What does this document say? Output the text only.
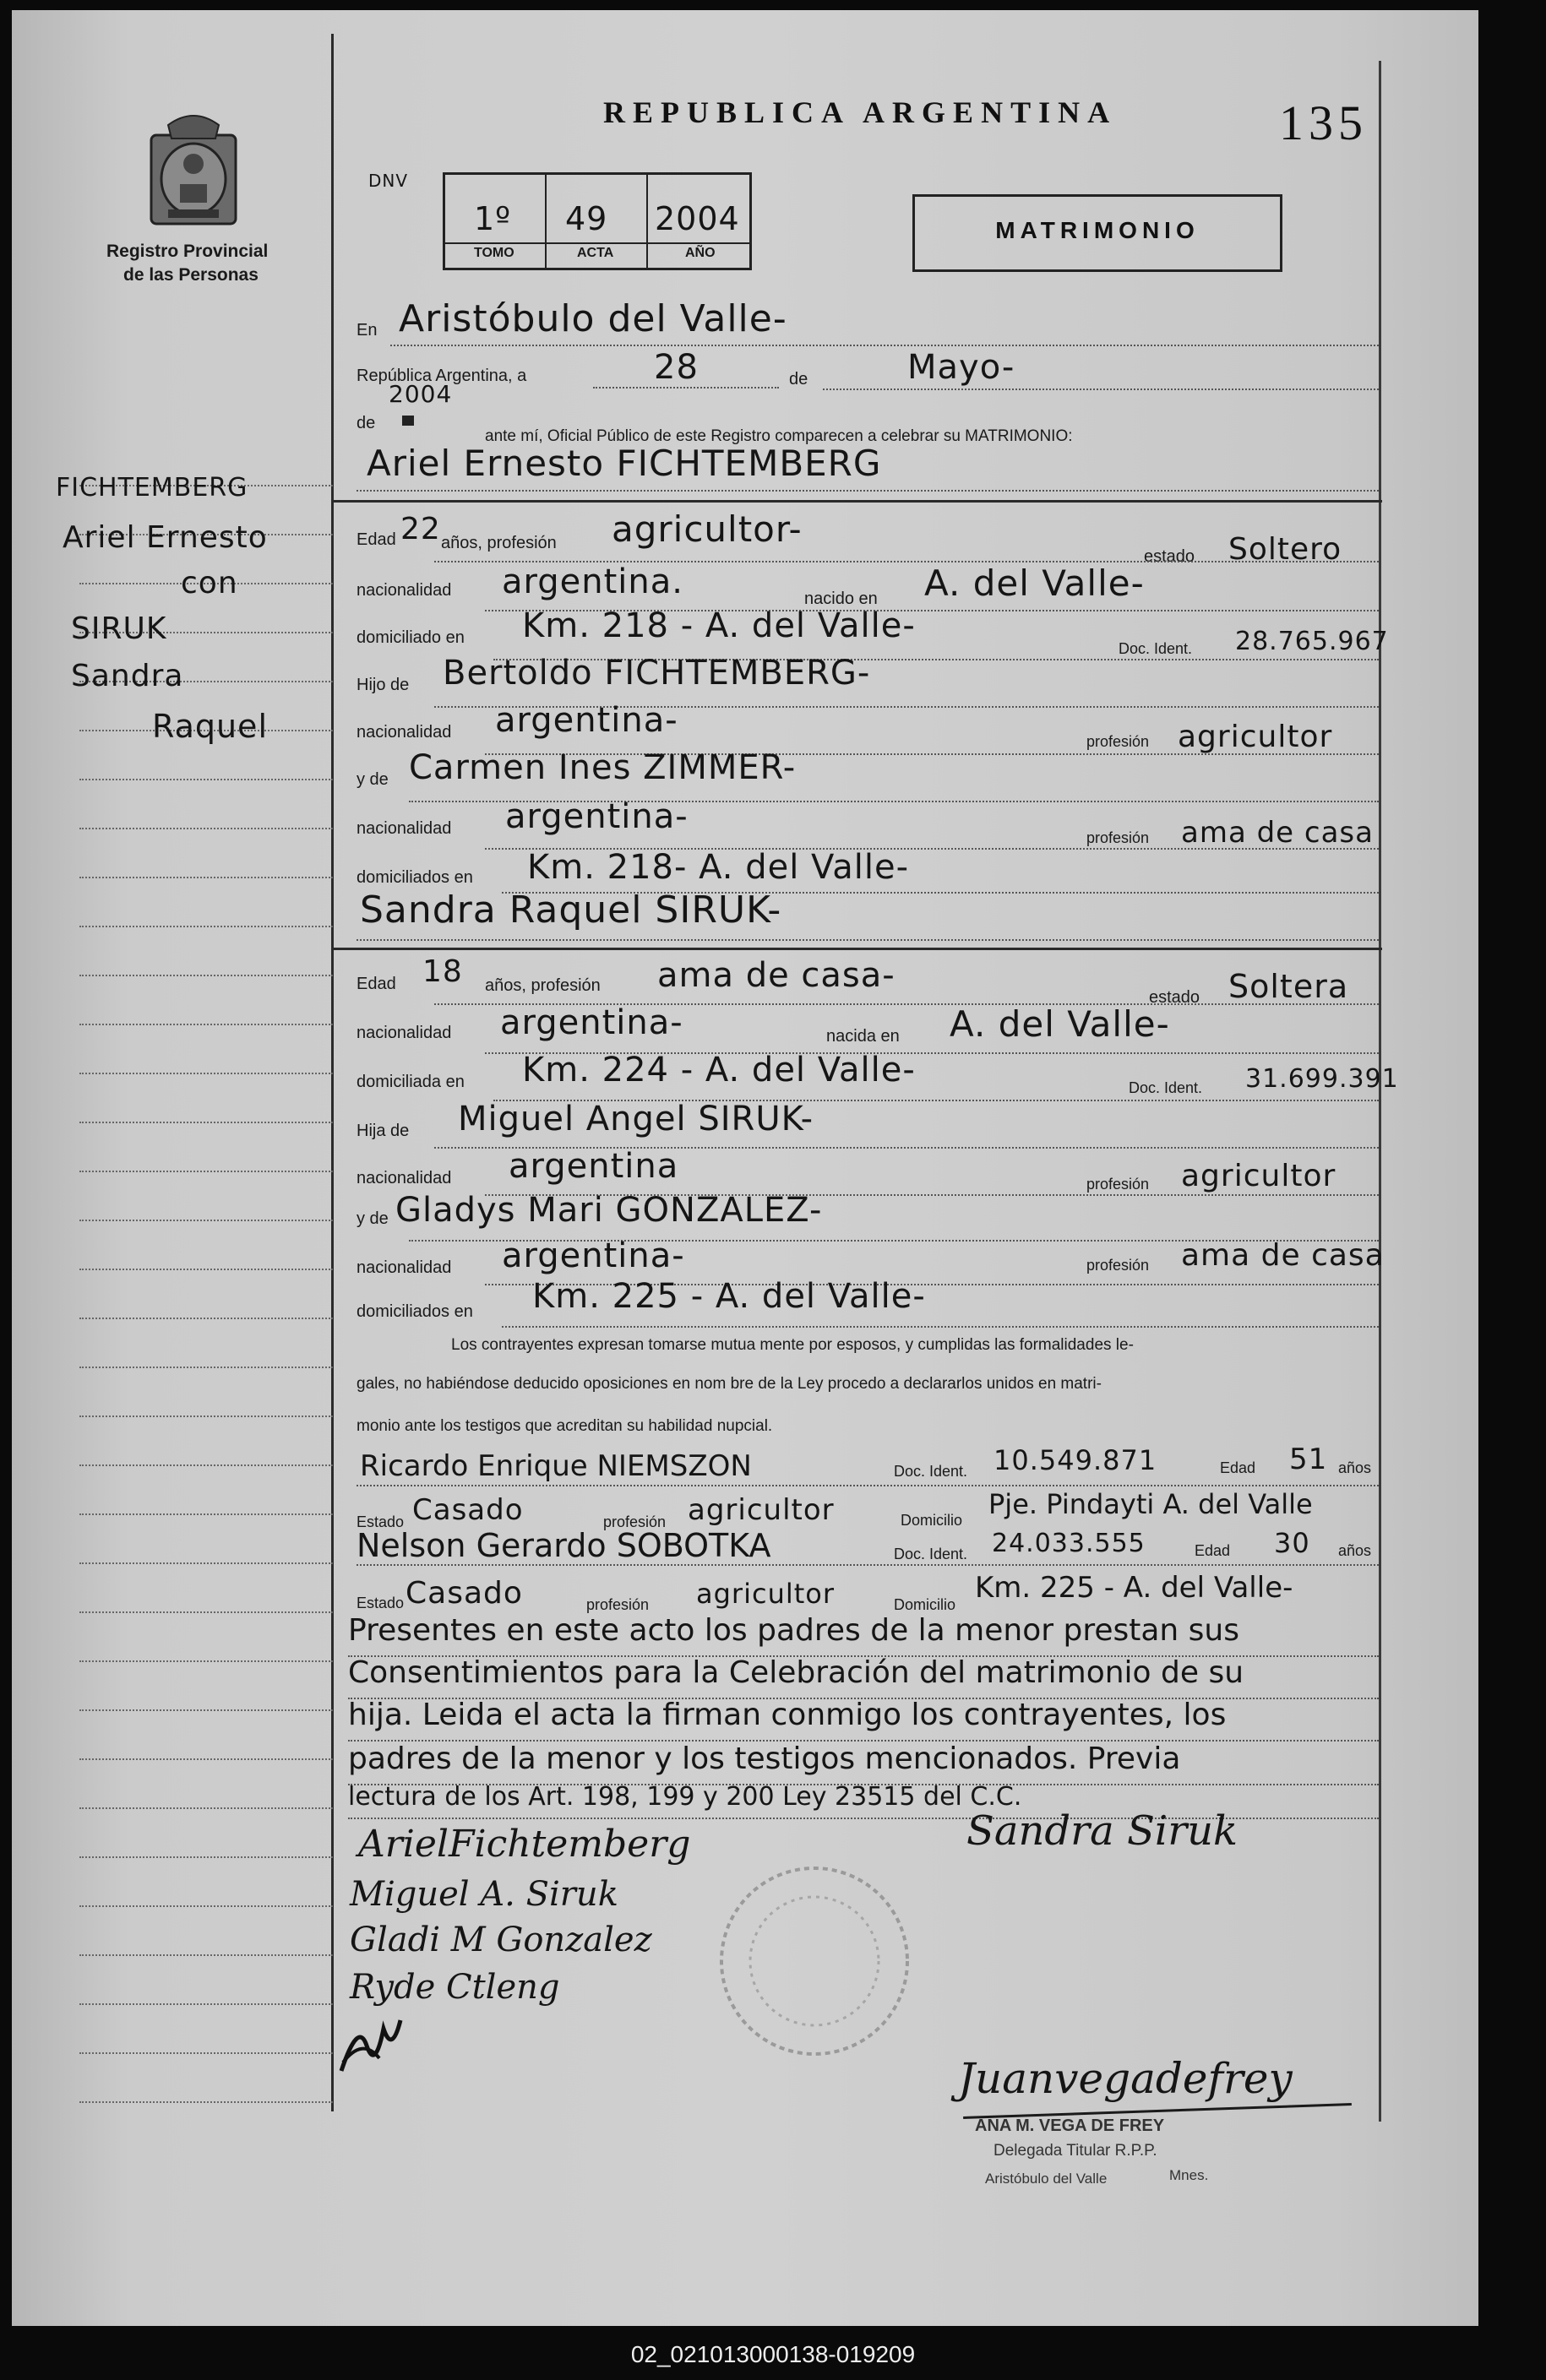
Registro Provincial
de las Personas
REPUBLICA ARGENTINA	135
DNV
1º 49 2004
TOMO	ACTA	AÑO
MATRIMONIO
FICHTEMBERG
Ariel Ernesto
con
SIRUK
Sandra
Raquel
En Aristóbulo del Valle-
República Argentina, a	28	de	Mayo-
2004
de
ante mí, Oficial Público de este Registro comparecen a celebrar su MATRIMONIO:
Ariel Ernesto FICHTEMBERG
Edad 22 años, profesión agricultor-
estado Soltero
nacionalidad argentina.	nacido en A. del Valle-
domiciliado en Km. 218 - A. del Valle-
Doc. Ident. 28.765.967
Hijo de Bertoldo FICHTEMBERG-
nacionalidad argentina-
profesión agricultor
y de Carmen Ines ZIMMER-
nacionalidad argentina-
profesión ama de casa
domiciliados en Km. 218- A. del Valle-
Sandra Raquel SIRUK-
Edad 18 años, profesión ama de casa-
estado Soltera
nacionalidad argentina-	nacida en A. del Valle-
domiciliada en Km. 224 - A. del Valle-	Doc. Ident. 31.699.391
Hija de Miguel Angel SIRUK-
nacionalidad argentina	profesión agricultor
y de Gladys Mari GONZALEZ-
nacionalidad argentina-	profesión ama de casa
domiciliados en Km. 225 - A. del Valle-
Los contrayentes expresan tomarse mutua mente por esposos, y cumplidas las formalidades le-
gales, no habiéndose deducido oposiciones en nom bre de la Ley procedo a declararlos unidos en matri-
monio ante los testigos que acreditan su habilidad nupcial.
Ricardo Enrique NIEMSZON	Doc. Ident. 10.549.871	Edad 51 años
Estado Casado	profesión agricultor	Domicilio Pje. Pindayti A. del Valle
Nelson Gerardo SOBOTKA	Doc. Ident. 24.033.555	Edad 30 años
Estado Casado	profesión agricultor	Domicilio Km. 225 - A. del Valle-
Presentes en este acto los padres de la menor prestan sus
Consentimientos para la Celebración del matrimonio de su
hija. Leida el acta la firman conmigo los contrayentes, los
padres de la menor y los testigos mencionados. Previa
lectura de los Art. 198, 199 y 200 Ley 23515 del C.C.
ArielFichtemberg	Sandra Siruk
Miguel A. Siruk
Gladi M Gonzalez
Ryde Ctleng
Juanvegadefrey
ANA M. VEGA DE FREY
Delegada Titular R.P.P.
Aristóbulo del Valle	Mnes.
02_021013000138-019209
